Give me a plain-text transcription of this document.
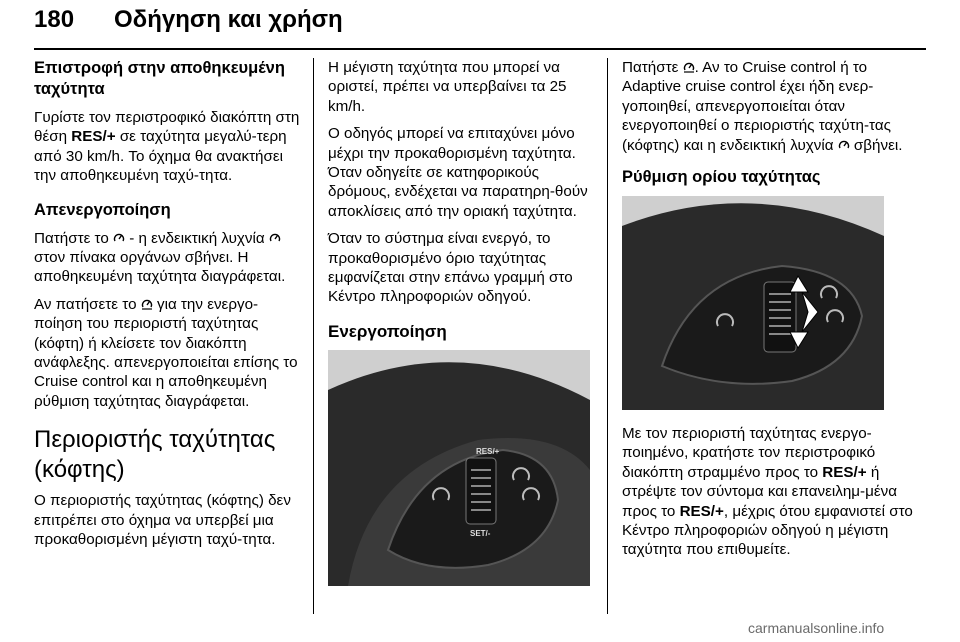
180 Οδήγηση και χρήση
Επιστροφή στην αποθηκευμένη ταχύτητα

Γυρίστε τον περιστροφικό διακόπτη στη θέση RES/+ σε ταχύτητα μεγαλύ-τερη από 30 km/h. Το όχημα θα ανακτήσει την αποθηκευμένη ταχύ-τητα.

Απενεργοποίηση

Πατήστε το  - η ενδεικτική λυχνία  στον πίνακα οργάνων σβήνει. Η αποθηκευμένη ταχύτητα διαγράφεται.

Αν πατήσετε το  για την ενεργο-ποίηση του περιοριστή ταχύτητας (κόφτη) ή κλείσετε τον διακόπτη ανάφλεξης. απενεργοποιείται επίσης το Cruise control και η αποθηκευμένη ρύθμιση ταχύτητας διαγράφεται.

Περιοριστής ταχύτητας (κόφτης)

Ο περιοριστής ταχύτητας (κόφτης) δεν επιτρέπει στο όχημα να υπερβεί μια προκαθορισμένη μέγιστη ταχύ-τητα.

Η μέγιστη ταχύτητα που μπορεί να οριστεί, πρέπει να υπερβαίνει τα 25 km/h.

Ο οδηγός μπορεί να επιταχύνει μόνο μέχρι την προκαθορισμένη ταχύτητα. Όταν οδηγείτε σε κατηφορικούς δρόμους, ενδέχεται να παρατηρη-θούν αποκλίσεις από την οριακή ταχύτητα.

Όταν το σύστημα είναι ενεργό, το προκαθορισμένο όριο ταχύτητας εμφανίζεται στην επάνω γραμμή στο Κέντρο πληροφοριών οδηγού.

Ενεργοποίηση
RES/+
SET/-

Πατήστε . Αν το Cruise control ή το Adaptive cruise control έχει ήδη ενερ-γοποιηθεί, απενεργοποιείται όταν ενεργοποιηθεί ο περιοριστής ταχύτη-τας (κόφτης) και η ενδεικτική λυχνία  σβήνει.

Ρύθμιση ορίου ταχύτητας

Με τον περιοριστή ταχύτητας ενεργο-ποιημένο, κρατήστε τον περιστροφικό διακόπτη στραμμένο προς το RES/+ ή στρέψτε τον σύντομα και επανειλημ-μένα προς το RES/+, μέχρις ότου εμφανιστεί στο Κέντρο πληροφοριών οδηγού η μέγιστη ταχύτητα που επιθυμείτε.

carmanualsonline.info
